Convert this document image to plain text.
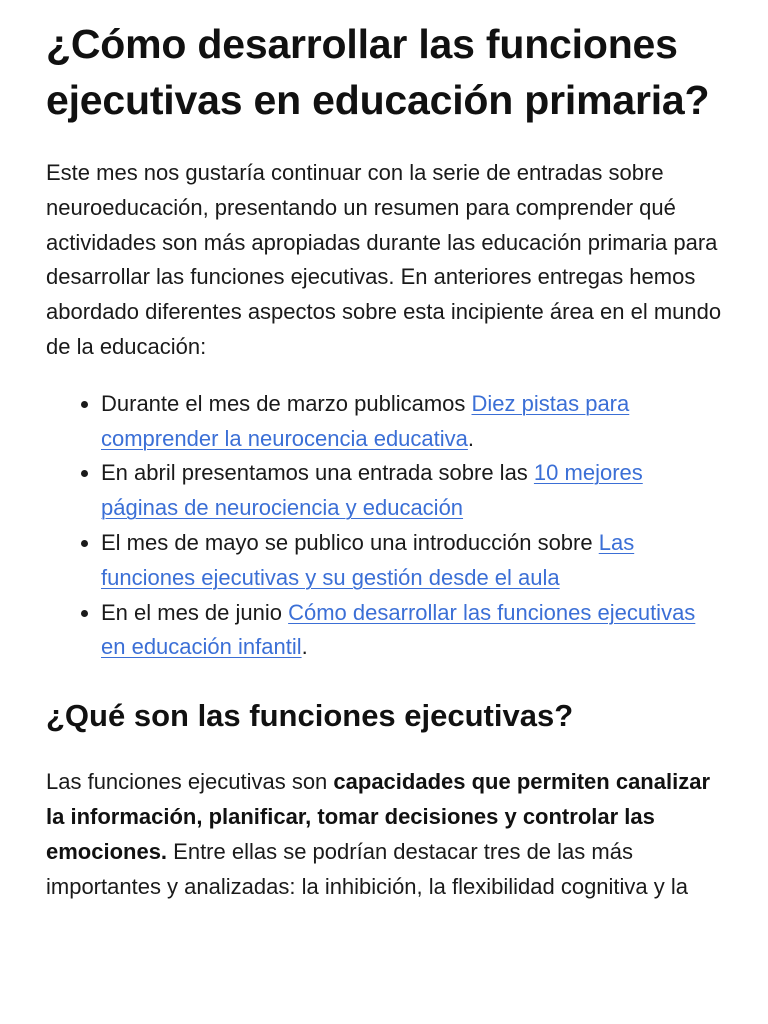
¿Cómo desarrollar las funciones ejecutivas en educación primaria?

Este mes nos gustaría continuar con la serie de entradas sobre neuroeducación, presentando un resumen para comprender qué actividades son más apropiadas durante las educación primaria para desarrollar las funciones ejecutivas. En anteriores entregas hemos abordado diferentes aspectos sobre esta incipiente área en el mundo de la educación:

• Durante el mes de marzo publicamos Diez pistas para comprender la neurocencia educativa.
• En abril presentamos una entrada sobre las 10 mejores páginas de neurociencia y educación
• El mes de mayo se publico una introducción sobre Las funciones ejecutivas y su gestión desde el aula
• En el mes de junio Cómo desarrollar las funciones ejecutivas en educación infantil.
¿Qué son las funciones ejecutivas?

Las funciones ejecutivas son capacidades que permiten canalizar la información, planificar, tomar decisiones y controlar las emociones. Entre ellas se podrían destacar tres de las más importantes y analizadas: la inhibición, la flexibilidad cognitiva y la
